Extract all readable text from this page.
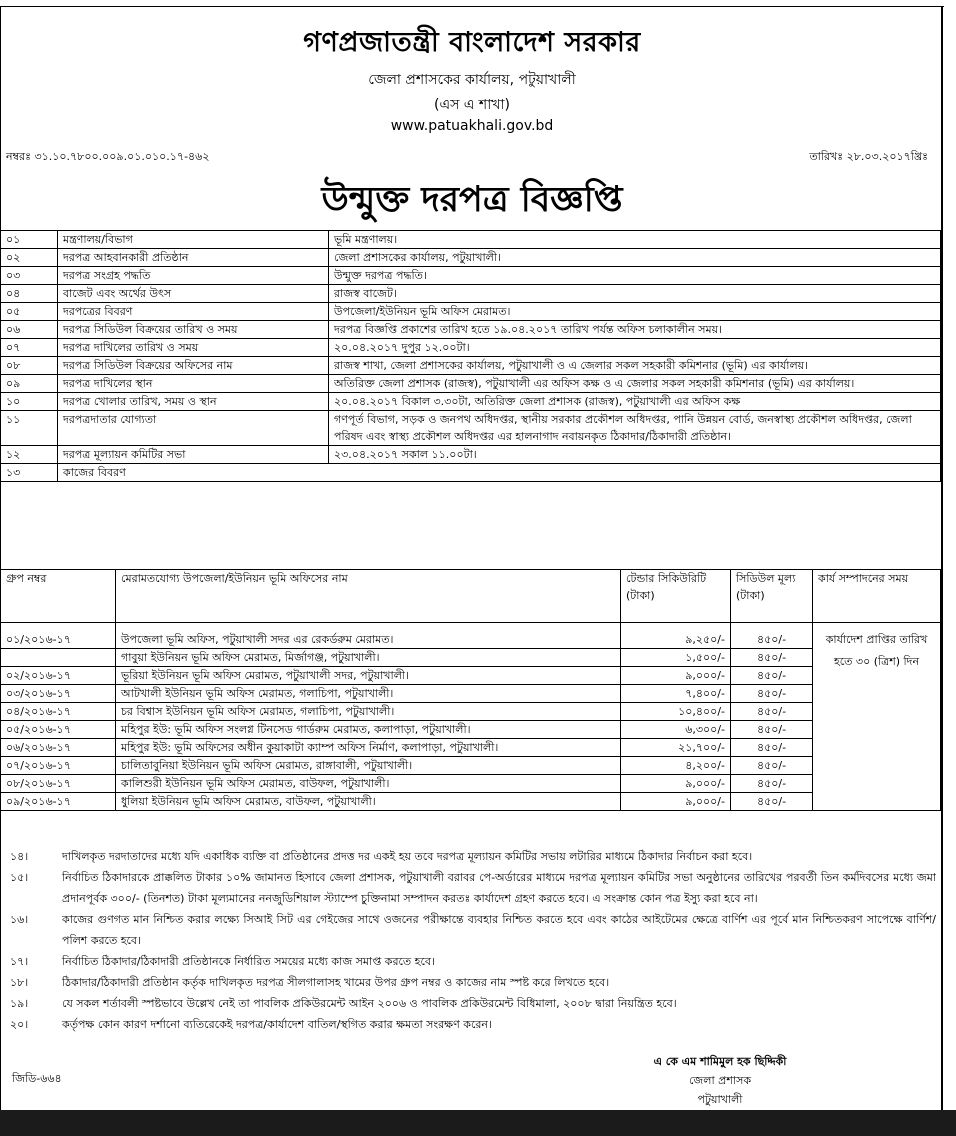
গণপ্রজাতন্ত্রী বাংলাদেশ সরকার
জেলা প্রশাসকের কার্যালয়, পটুয়াখালী
(এস এ শাখা)
www.patuakhali.gov.bd
নম্বরঃ ৩১.১০.৭৮০০.০০৯.০১.০১০.১৭-৪৬২	তারিখঃ ২৮.০৩.২০১৭খ্রিঃ
উন্মুক্ত দরপত্র বিজ্ঞপ্তি
০১	মন্ত্রণালয়/বিভাগ	ভূমি মন্ত্রণালয়।
০২	দরপত্র আহবানকারী প্রতিষ্ঠান	জেলা প্রশাসকের কার্যালয়, পটুয়াখালী।
০৩	দরপত্র সংগ্রহ পদ্ধতি	উন্মুক্ত দরপত্র পদ্ধতি।
০৪	বাজেট এবং অর্থের উৎস	রাজস্ব বাজেট।
০৫	দরপত্রের বিবরণ	উপজেলা/ইউনিয়ন ভূমি অফিস মেরামত।
০৬	দরপত্র সিডিউল বিক্রয়ের তারিখ ও সময়	দরপত্র বিজ্ঞপ্তি প্রকাশের তারিখ হতে ১৯.০৪.২০১৭ তারিখ পর্যন্ত অফিস চলাকালীন সময়।
০৭	দরপত্র দাখিলের তারিখ ও সময়	২০.০৪.২০১৭ দুপুর ১২.০০টা।
০৮	দরপত্র সিডিউল বিক্রয়ের অফিসের নাম	রাজস্ব শাখা, জেলা প্রশাসকের কার্যালয়, পটুয়াখালী ও এ জেলার সকল সহকারী কমিশনার (ভূমি) এর কার্যালয়।
০৯	দরপত্র দাখিলের স্থান	অতিরিক্ত জেলা প্রশাসক (রাজস্ব), পটুয়াখালী এর অফিস কক্ষ ও এ জেলার সকল সহকারী কমিশনার (ভূমি) এর কার্যালয়।
১০	দরপত্র খোলার তারিখ, সময় ও স্থান	২০.০৪.২০১৭ বিকাল ৩.৩০টা, অতিরিক্ত জেলা প্রশাসক (রাজস্ব), পটুয়াখালী এর অফিস কক্ষ
১১	দরপত্রদাতার যোগ্যতা	গণপূর্ত বিভাগ, সড়ক ও জনপথ অধিদপ্তর, স্থানীয় সরকার প্রকৌশল অধিদপ্তর, পানি উন্নয়ন বোর্ড, জনস্বাস্থ্য প্রকৌশল অধিদপ্তর, জেলা পরিষদ এবং স্বাস্থ্য প্রকৌশল অধিদপ্তর এর হালনাগাদ নবায়নকৃত ঠিকাদার/ঠিকাদারী প্রতিষ্ঠান।
১২	দরপত্র মূল্যায়ন কমিটির সভা	২৩.০৪.২০১৭ সকাল ১১.০০টা।
১৩	কাজের বিবরণ	
গ্রুপ নম্বর	মেরামতযোগ্য উপজেলা/ইউনিয়ন ভূমি অফিসের নাম	টেন্ডার সিকিউরিটি (টাকা)	সিডিউল মূল্য (টাকা)	কার্য সম্পাদনের সময়
০১/২০১৬-১৭	উপজেলা ভূমি অফিস, পটুয়াখালী সদর এর রেকর্ডরুম মেরামত।	৯,২৫০/-	৪৫০/-	কার্যাদেশ প্রাপ্তির তারিখ হতে ৩০ (ত্রিশ) দিন
	গাবুয়া ইউনিয়ন ভূমি অফিস মেরামত, মির্জাগঞ্জ, পটুয়াখালী।	১,৫০০/-	৪৫০/-	
০২/২০১৬-১৭	ভূরিয়া ইউনিয়ন ভূমি অফিস মেরামত, পটুয়াখালী সদর, পটুয়াখালী।	৯,০০০/-	৪৫০/-	
০৩/২০১৬-১৭	আটখালী ইউনিয়ন ভূমি অফিস মেরামত, গলাচিপা, পটুয়াখালী।	৭,৪০০/-	৪৫০/-	
০৪/২০১৬-১৭	চর বিশ্বাস ইউনিয়ন ভূমি অফিস মেরামত, গলাচিপা, পটুয়াখালী।	১০,৪০০/-	৪৫০/-	
০৫/২০১৬-১৭	মহিপুর ইউ: ভূমি অফিস সংলগ্ন টিনসেড গার্ডরুম মেরামত, কলাপাড়া, পটুয়াখালী।	৬,৩০০/-	৪৫০/-	
০৬/২০১৬-১৭	মহিপুর ইউ: ভূমি অফিসের অধীন কুয়াকাটা ক্যাম্প অফিস নির্মাণ, কলাপাড়া, পটুয়াখালী।	২১,৭০০/-	৪৫০/-	
০৭/২০১৬-১৭	চালিতাবুনিয়া ইউনিয়ন ভূমি অফিস মেরামত, রাঙ্গাবালী, পটুয়াখালী।	৪,২০০/-	৪৫০/-	
০৮/২০১৬-১৭	কালিশুরী ইউনিয়ন ভূমি অফিস মেরামত, বাউফল, পটুয়াখালী।	৯,০০০/-	৪৫০/-	
০৯/২০১৬-১৭	ধুলিয়া ইউনিয়ন ভূমি অফিস মেরামত, বাউফল, পটুয়াখালী।	৯,০০০/-	৪৫০/-	
১৪।	দাখিলকৃত দরদাতাদের মধ্যে যদি একাধিক ব্যক্তি বা প্রতিষ্ঠানের প্রদত্ত দর একই হয় তবে দরপত্র মূল্যায়ন কমিটির সভায় লটারির মাধ্যমে ঠিকাদার নির্বাচন করা হবে।
১৫।	নির্বাচিত ঠিকাদারকে প্রাক্কলিত টাকার ১০% জামানত হিসাবে জেলা প্রশাসক, পটুয়াখালী বরাবর পে-অর্ডারের মাধ্যমে দরপত্র মূল্যায়ন কমিটির সভা অনুষ্ঠানের তারিখের পরবর্তী তিন কর্মদিবসের মধ্যে জমা প্রদানপূর্বক ৩০০/- (তিনশত) টাকা মূল্যমানের ননজুডিশিয়াল স্ট্যাম্পে চুক্তিনামা সম্পাদন করতঃ কার্যাদেশ গ্রহণ করতে হবে। এ সংক্রান্ত কোন পত্র ইস্যু করা হবে না।
১৬।	কাজের গুণগত মান নিশ্চিত করার লক্ষ্যে সিআই সিট এর গেইজের সাথে ওজনের পরীক্ষান্তে ব্যবহার নিশ্চিত করতে হবে এবং কাঠের আইটেমের ক্ষেত্রে বার্ণিশ এর পূর্বে মান নিশ্চিতকরণ সাপেক্ষে বার্ণিশ/পলিশ করতে হবে।
১৭।	নির্বাচিত ঠিকাদার/ঠিকাদারী প্রতিষ্ঠানকে নির্ধারিত সময়ের মধ্যে কাজ সমাপ্ত করতে হবে।
১৮।	ঠিকাদার/ঠিকাদারী প্রতিষ্ঠান কর্তৃক দাখিলকৃত দরপত্র সীলগালাসহ খামের উপর গ্রুপ নম্বর ও কাজের নাম স্পষ্ট করে লিখতে হবে।
১৯।	যে সকল শর্তাবলী স্পষ্টভাবে উল্লেখ নেই তা পাবলিক প্রকিউরমেন্ট আইন ২০০৬ ও পাবলিক প্রকিউরমেন্ট বিধিমালা, ২০০৮ দ্বারা নিয়ন্ত্রিত হবে।
২০।	কর্তৃপক্ষ কোন কারণ দর্শানো ব্যতিরেকেই দরপত্র/কার্যাদেশ বাতিল/স্থগিত করার ক্ষমতা সংরক্ষণ করেন।
এ কে এম শামিমুল হক ছিদ্দিকী
জেলা প্রশাসক
পটুয়াখালী
জিডি-৬৬৪
